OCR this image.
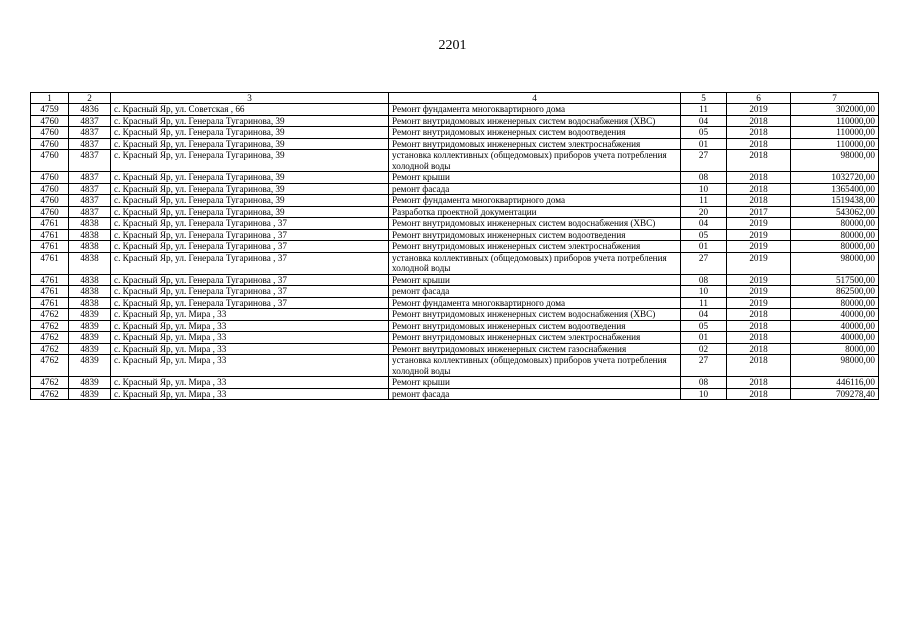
2201
1	2	3	4	5	6	7
4759	4836	с. Красный Яр, ул. Советская , 66	Ремонт фундамента многоквартирного дома	11	2019	302000,00
4760	4837	с. Красный Яр, ул. Генерала Тугаринова, 39	Ремонт внутридомовых инженерных систем водоснабжения (ХВС)	04	2018	110000,00
4760	4837	с. Красный Яр, ул. Генерала Тугаринова, 39	Ремонт внутридомовых инженерных систем водоотведения	05	2018	110000,00
4760	4837	с. Красный Яр, ул. Генерала Тугаринова, 39	Ремонт внутридомовых инженерных систем электроснабжения	01	2018	110000,00
4760	4837	с. Красный Яр, ул. Генерала Тугаринова, 39	установка коллективных (общедомовых) приборов учета потребления холодной воды	27	2018	98000,00
4760	4837	с. Красный Яр, ул. Генерала Тугаринова, 39	Ремонт крыши	08	2018	1032720,00
4760	4837	с. Красный Яр, ул. Генерала Тугаринова, 39	ремонт фасада	10	2018	1365400,00
4760	4837	с. Красный Яр, ул. Генерала Тугаринова, 39	Ремонт фундамента многоквартирного дома	11	2018	1519438,00
4760	4837	с. Красный Яр, ул. Генерала Тугаринова, 39	Разработка проектной документации	20	2017	543062,00
4761	4838	с. Красный Яр, ул. Генерала Тугаринова , 37	Ремонт внутридомовых инженерных систем водоснабжения (ХВС)	04	2019	80000,00
4761	4838	с. Красный Яр, ул. Генерала Тугаринова , 37	Ремонт внутридомовых инженерных систем водоотведения	05	2019	80000,00
4761	4838	с. Красный Яр, ул. Генерала Тугаринова , 37	Ремонт внутридомовых инженерных систем электроснабжения	01	2019	80000,00
4761	4838	с. Красный Яр, ул. Генерала Тугаринова , 37	установка коллективных (общедомовых) приборов учета потребления холодной воды	27	2019	98000,00
4761	4838	с. Красный Яр, ул. Генерала Тугаринова , 37	Ремонт крыши	08	2019	517500,00
4761	4838	с. Красный Яр, ул. Генерала Тугаринова , 37	ремонт фасада	10	2019	862500,00
4761	4838	с. Красный Яр, ул. Генерала Тугаринова , 37	Ремонт фундамента многоквартирного дома	11	2019	80000,00
4762	4839	с. Красный Яр, ул. Мира , 33	Ремонт внутридомовых инженерных систем водоснабжения (ХВС)	04	2018	40000,00
4762	4839	с. Красный Яр, ул. Мира , 33	Ремонт внутридомовых инженерных систем водоотведения	05	2018	40000,00
4762	4839	с. Красный Яр, ул. Мира , 33	Ремонт внутридомовых инженерных систем электроснабжения	01	2018	40000,00
4762	4839	с. Красный Яр, ул. Мира , 33	Ремонт внутридомовых инженерных систем газоснабжения	02	2018	8000,00
4762	4839	с. Красный Яр, ул. Мира , 33	установка коллективных (общедомовых) приборов учета потребления холодной воды	27	2018	98000,00
4762	4839	с. Красный Яр, ул. Мира , 33	Ремонт крыши	08	2018	446116,00
4762	4839	с. Красный Яр, ул. Мира , 33	ремонт фасада	10	2018	709278,40
